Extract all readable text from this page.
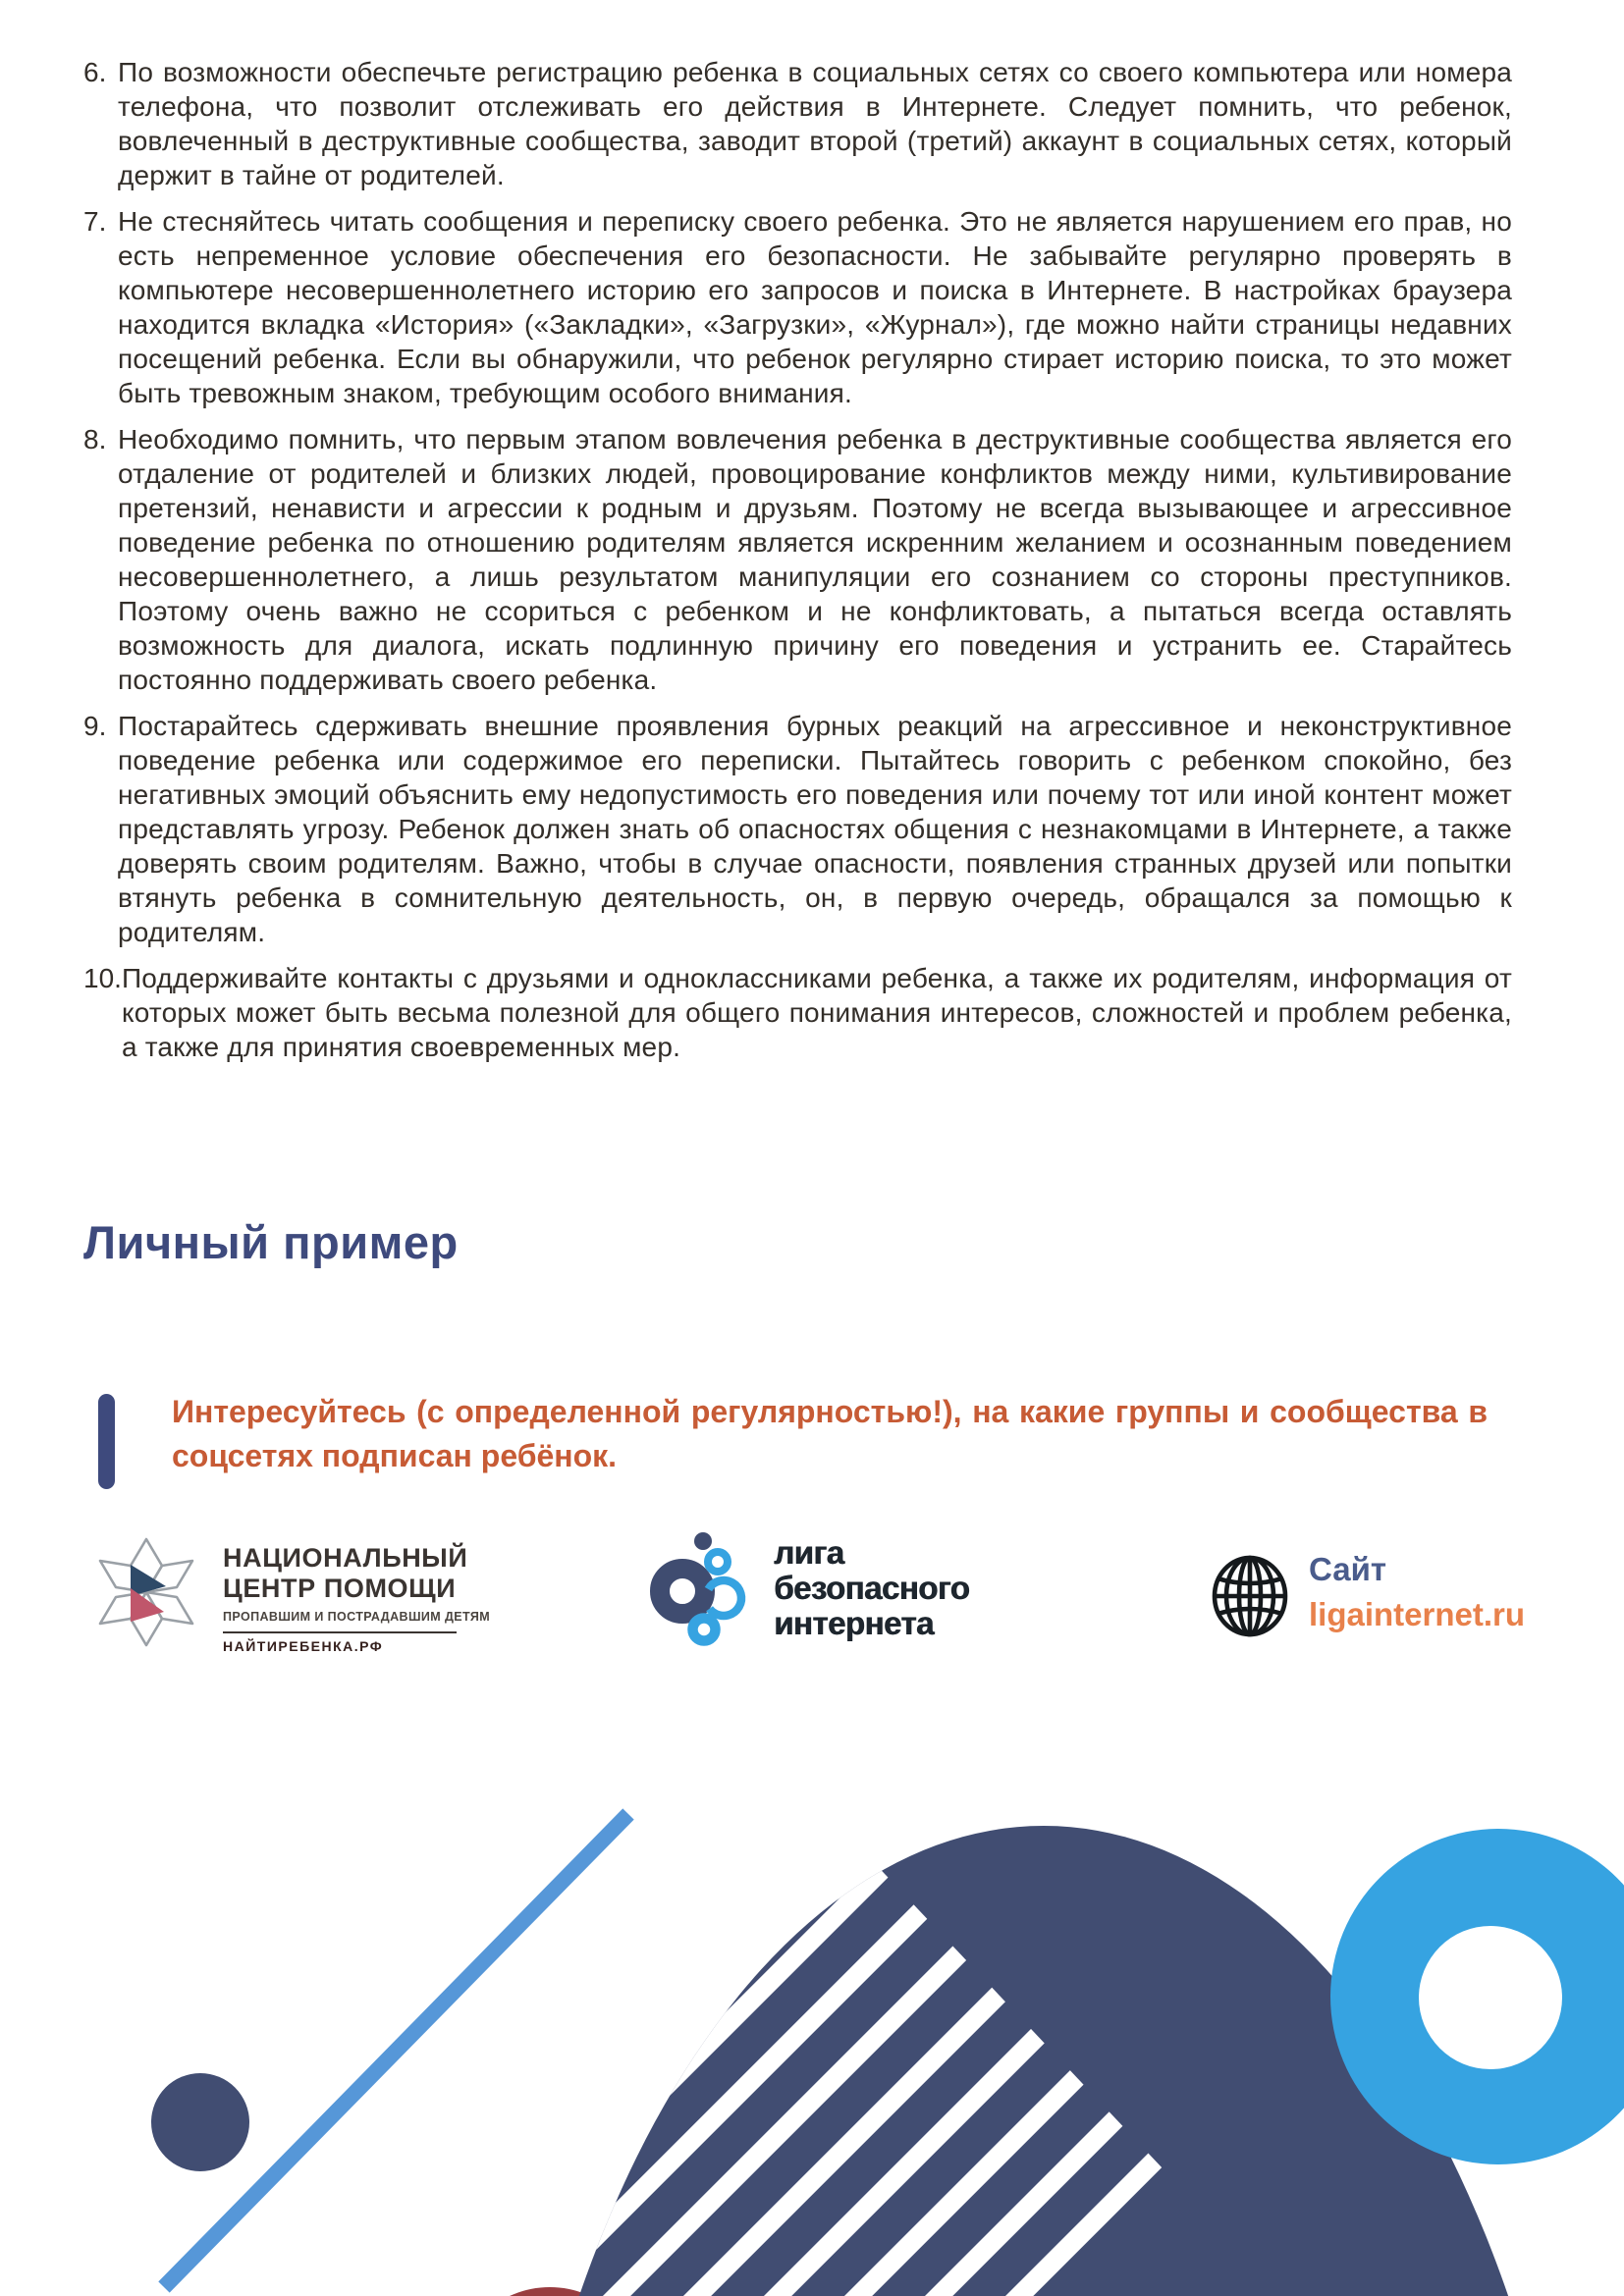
6. По возможности обеспечьте регистрацию ребенка в социальных сетях со своего компьютера или номера телефона, что позволит отслеживать его действия в Интернете. Следует помнить, что ребенок, вовлеченный в деструктивные сообщества, заводит второй (третий) аккаунт в социальных сетях, который держит в тайне от родителей.

7. Не стесняйтесь читать сообщения и переписку своего ребенка. Это не является нарушением его прав, но есть непременное условие обеспечения его безопасности. Не забывайте регулярно проверять в компьютере несовершеннолетнего историю его запросов и поиска в Интернете. В настройках браузера находится вкладка «История» («Закладки», «Загрузки», «Журнал»), где можно найти страницы недавних посещений ребенка. Если вы обнаружили, что ребенок регулярно стирает историю поиска, то это может быть тревожным знаком, требующим особого внимания.

8. Необходимо помнить, что первым этапом вовлечения ребенка в деструктивные сообщества является его отдаление от родителей и близких людей, провоцирование конфликтов между ними, культивирование претензий, ненависти и агрессии к родным и друзьям. Поэтому не всегда вызывающее и агрессивное поведение ребенка по отношению родителям является искренним желанием и осознанным поведением несовершеннолетнего, а лишь результатом манипуляции его сознанием со стороны преступников. Поэтому очень важно не ссориться с ребенком и не конфликтовать, а пытаться всегда оставлять возможность для диалога, искать подлинную причину его поведения и устранить ее. Старайтесь постоянно поддерживать своего ребенка.

9. Постарайтесь сдерживать внешние проявления бурных реакций на агрессивное и неконструктивное поведение ребенка или содержимое его переписки. Пытайтесь говорить с ребенком спокойно, без негативных эмоций объяснить ему недопустимость его поведения или почему тот или иной контент может представлять угрозу. Ребенок должен знать об опасностях общения с незнакомцами в Интернете, а также доверять своим родителям. Важно, чтобы в случае опасности, появления странных друзей или попытки втянуть ребенка в сомнительную деятельность, он, в первую очередь, обращался за помощью к родителям.

10. Поддерживайте контакты с друзьями и одноклассниками ребенка, а также их родителям, информация от которых может быть весьма полезной для общего понимания интересов, сложностей и проблем ребенка, а также для принятия своевременных мер.

Личный пример

Интересуйтесь (с определенной регулярностью!), на какие группы и сообщества в соцсетях подписан ребёнок.

НАЦИОНАЛЬНЫЙ
ЦЕНТР ПОМОЩИ
ПРОПАВШИМ И ПОСТРАДАВШИМ ДЕТЯМ
НАЙТИРЕБЕНКА.РФ
лига
безопасного
интернета
Сайт
ligainternet.ru
